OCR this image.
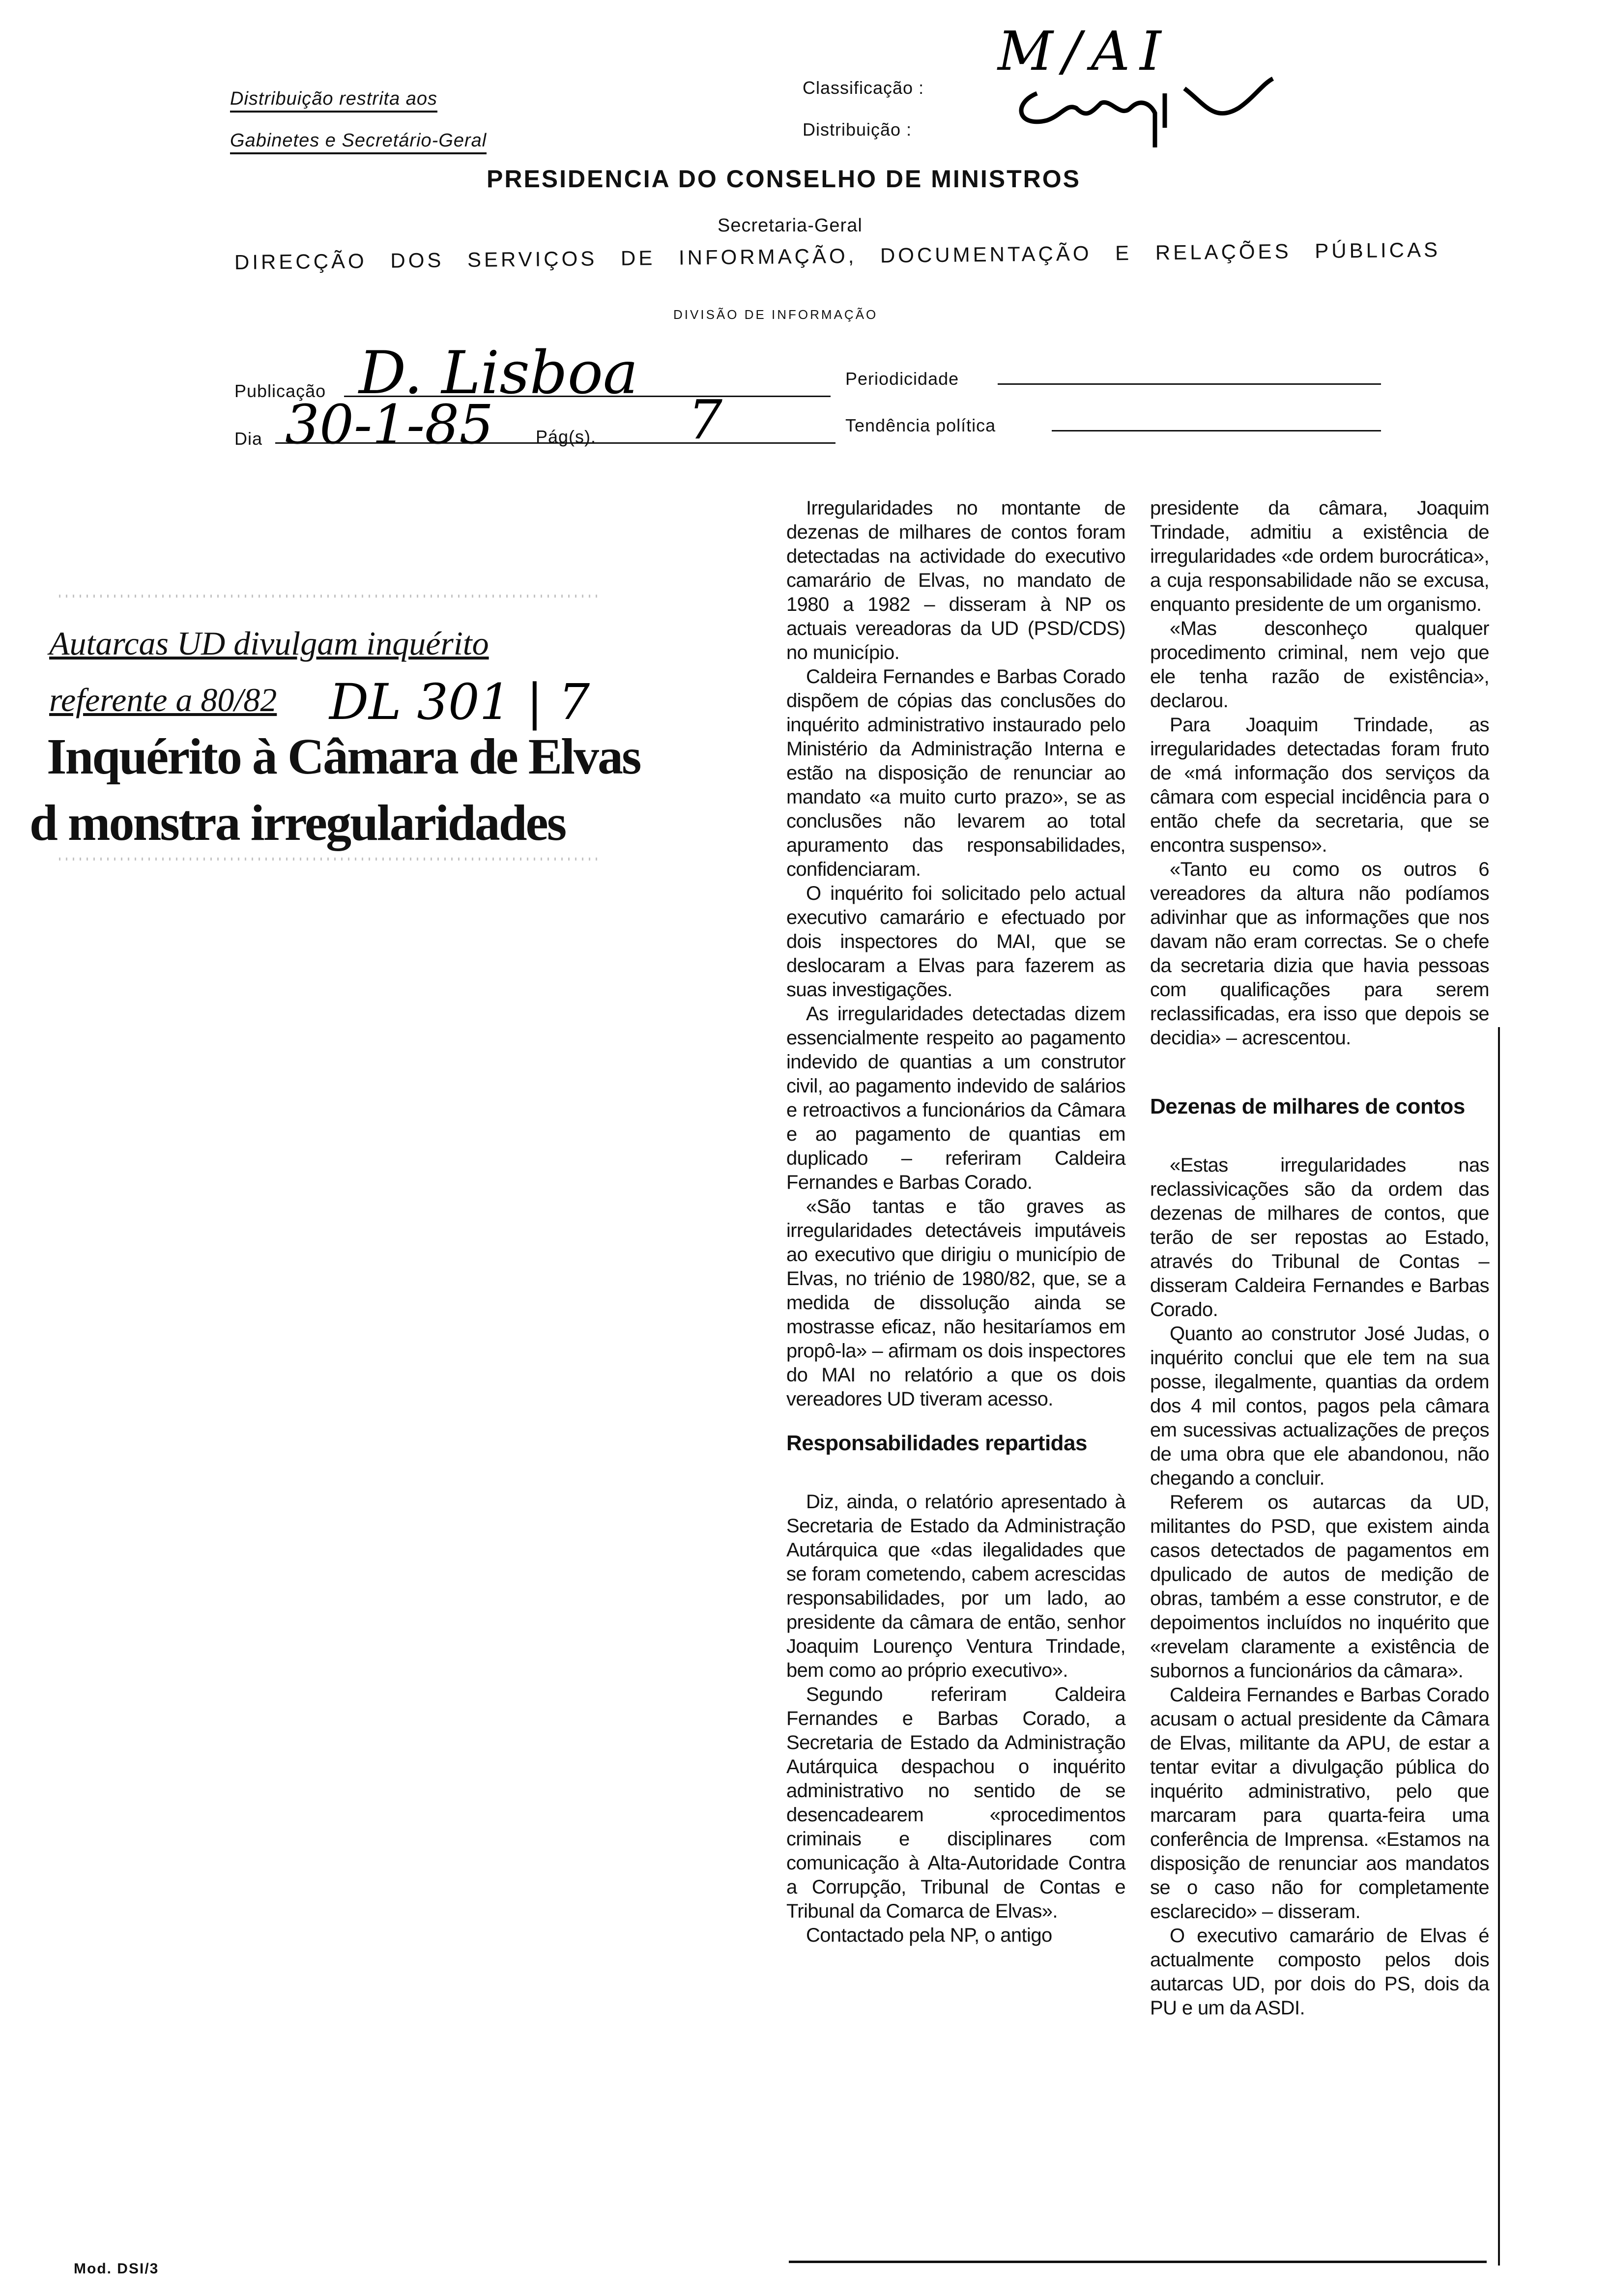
Distribuição restrita aos
Gabinetes e Secretário-Geral
Classificação :
Distribuição :
M/AI
PRESIDENCIA DO CONSELHO DE MINISTROS
Secretaria-Geral
DIRECÇÃO DOS SERVIÇOS DE INFORMAÇÃO, DOCUMENTAÇÃO E RELAÇÕES PÚBLICAS
DIVISÃO DE INFORMAÇÃO
Publicação D. Lisboa
Dia 30-1-85 Pág(s). 7
Periodicidade
Tendência política
Autarcas UD divulgam inquérito
referente a 80/82 DL 301 | 7
Inquérito à Câmara de Elvas
d monstra irregularidades

Irregularidades no montante de dezenas de milhares de contos foram detectadas na actividade do executivo camarário de Elvas, no mandato de 1980 a 1982 – disseram à NP os actuais vereadoras da UD (PSD/CDS) no município.

Caldeira Fernandes e Barbas Corado dispõem de cópias das conclusões do inquérito administrativo instaurado pelo Ministério da Administração Interna e estão na disposição de renunciar ao mandato «a muito curto prazo», se as conclusões não levarem ao total apuramento das responsabilidades, confidenciaram.

O inquérito foi solicitado pelo actual executivo camarário e efectuado por dois inspectores do MAI, que se deslocaram a Elvas para fazerem as suas investigações.

As irregularidades detectadas dizem essencialmente respeito ao pagamento indevido de quantias a um construtor civil, ao pagamento indevido de salários e retroactivos a funcionários da Câmara e ao pagamento de quantias em duplicado – referiram Caldeira Fernandes e Barbas Corado.

«São tantas e tão graves as irregularidades detectáveis imputáveis ao executivo que dirigiu o município de Elvas, no triénio de 1980/82, que, se a medida de dissolução ainda se mostrasse eficaz, não hesitaríamos em propô-la» – afirmam os dois inspectores do MAI no relatório a que os dois vereadores UD tiveram acesso.

Responsabilidades repartidas

Diz, ainda, o relatório apresentado à Secretaria de Estado da Administração Autárquica que «das ilegalidades que se foram cometendo, cabem acrescidas responsabilidades, por um lado, ao presidente da câmara de então, senhor Joaquim Lourenço Ventura Trindade, bem como ao próprio executivo».

Segundo referiram Caldeira Fernandes e Barbas Corado, a Secretaria de Estado da Administração Autárquica despachou o inquérito administrativo no sentido de se desencadearem «procedimentos criminais e disciplinares com comunicação à Alta-Autoridade Contra a Corrupção, Tribunal de Contas e Tribunal da Comarca de Elvas».

Contactado pela NP, o antigo

presidente da câmara, Joaquim Trindade, admitiu a existência de irregularidades «de ordem burocrática», a cuja responsabilidade não se excusa, enquanto presidente de um organismo.

«Mas desconheço qualquer procedimento criminal, nem vejo que ele tenha razão de existência», declarou.

Para Joaquim Trindade, as irregularidades detectadas foram fruto de «má informação dos serviços da câmara com especial incidência para o então chefe da secretaria, que se encontra suspenso».

«Tanto eu como os outros 6 vereadores da altura não podíamos adivinhar que as informações que nos davam não eram correctas. Se o chefe da secretaria dizia que havia pessoas com qualificações para serem reclassificadas, era isso que depois se decidia» – acrescentou.

Dezenas de milhares de contos

«Estas irregularidades nas reclassivicações são da ordem das dezenas de milhares de contos, que terão de ser repostas ao Estado, através do Tribunal de Contas – disseram Caldeira Fernandes e Barbas Corado.

Quanto ao construtor José Judas, o inquérito conclui que ele tem na sua posse, ilegalmente, quantias da ordem dos 4 mil contos, pagos pela câmara em sucessivas actualizações de preços de uma obra que ele abandonou, não chegando a concluir.

Referem os autarcas da UD, militantes do PSD, que existem ainda casos detectados de pagamentos em dpulicado de autos de medição de obras, também a esse construtor, e de depoimentos incluídos no inquérito que «revelam claramente a existência de subornos a funcionários da câmara».

Caldeira Fernandes e Barbas Corado acusam o actual presidente da Câmara de Elvas, militante da APU, de estar a tentar evitar a divulgação pública do inquérito administrativo, pelo que marcaram para quarta-feira uma conferência de Imprensa. «Estamos na disposição de renunciar aos mandatos se o caso não for completamente esclarecido» – disseram.

O executivo camarário de Elvas é actualmente composto pelos dois autarcas UD, por dois do PS, dois da PU e um da ASDI.

Mod. DSI/3
